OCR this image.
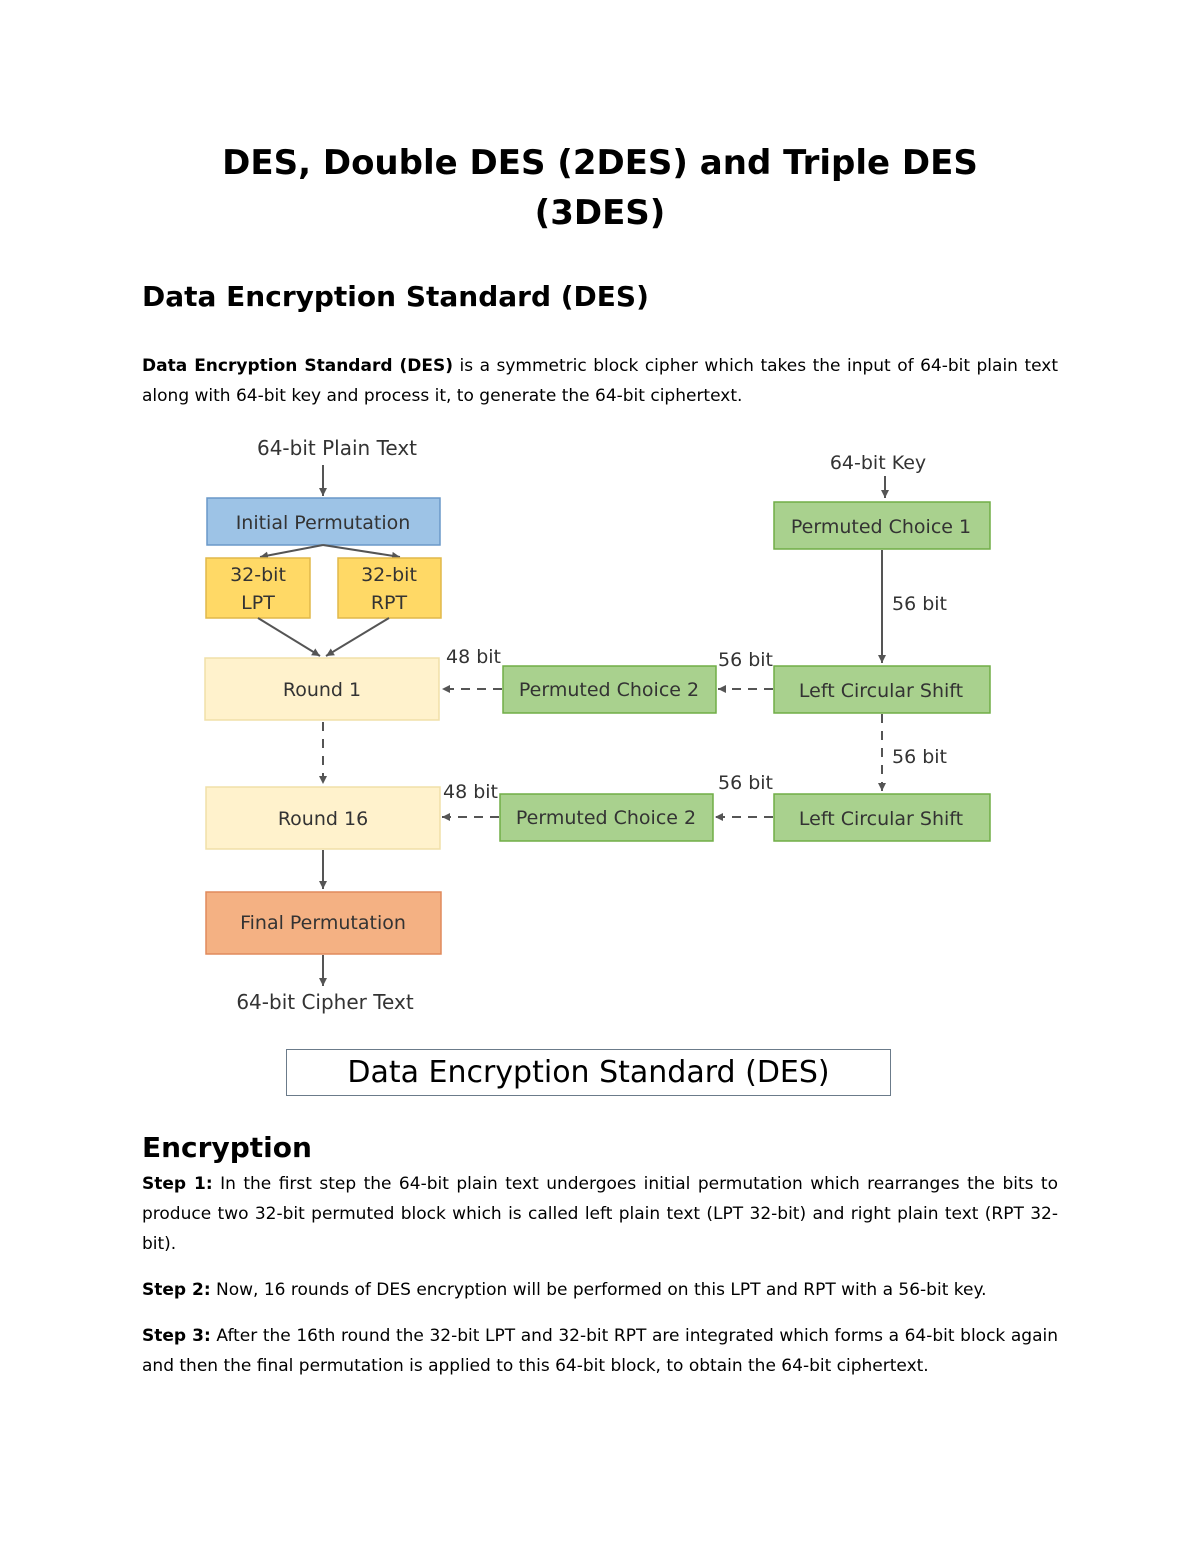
DES, Double DES (2DES) and Triple DES
(3DES)
Data Encryption Standard (DES)

Data Encryption Standard (DES) is a symmetric block cipher which takes the input of 64-bit plain text along with 64-bit key and process it, to generate the 64-bit ciphertext.

64-bit Plain Text
Initial Permutation
32-bit
LPT
32-bit
RPT
Round 1
Round 16
Final Permutation
64-bit Cipher Text
64-bit Key
Permuted Choice 1
56 bit
Left Circular Shift
Permuted Choice 2
56 bit
48 bit
56 bit
Left Circular Shift
Permuted Choice 2
56 bit
48 bit
Data Encryption Standard (DES)
Encryption

Step 1: In the first step the 64-bit plain text undergoes initial permutation which rearranges the bits to produce two 32-bit permuted block which is called left plain text (LPT 32-bit) and right plain text (RPT 32-bit).

Step 2: Now, 16 rounds of DES encryption will be performed on this LPT and RPT with a 56-bit key.

Step 3: After the 16th round the 32-bit LPT and 32-bit RPT are integrated which forms a 64-bit block again and then the final permutation is applied to this 64-bit block, to obtain the 64-bit ciphertext.
